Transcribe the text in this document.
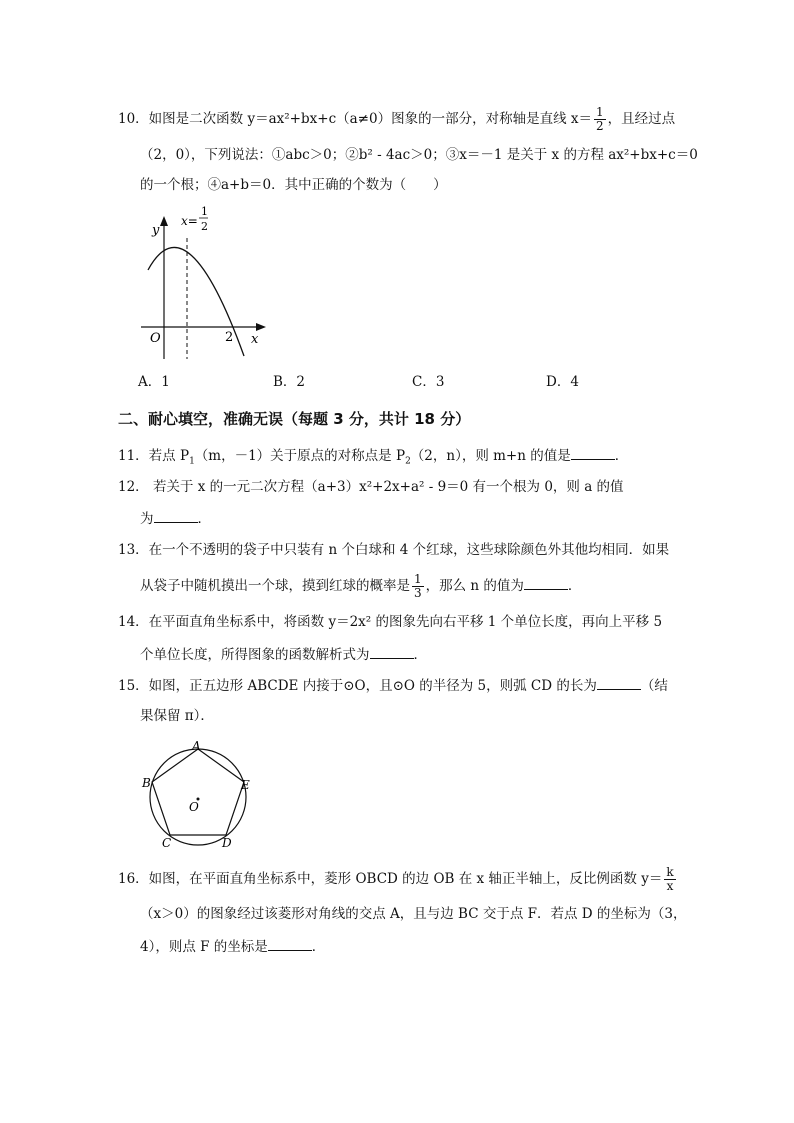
10．如图是二次函数 y＝ax²+bx+c（a≠0）图象的一部分，对称轴是直线 $x= \frac{1}{2}$ ，且经过点
（2，0），下列说法：①abc＞0；②b² - 4ac＞0；③x＝－1 是关于 x 的方程 ax²+bx+c＝0
的一个根；④a+b＝0．其中正确的个数为（　　）
y
x
O	2
x=
1
2
A．1	B．2	C．3	D．4
二、耐心填空，准确无误（每题 3 分，共计 18 分）
11．若点 $P_1(m$，－1）关于原点的对称点是 $P_2(2$，n），则 m+n 的值是	．
12． 若关于 x 的一元二次方程（a+3）x²+2x+a² - 9＝0 有一个根为 0，则 a 的值
为	．
13．在一个不透明的袋子中只装有 n 个白球和 4 个红球，这些球除颜色外其他均相同．如果
从袋子中随机摸出一个球，摸到红球的概率是 $\frac{1}{3}$ ，那么 n 的值为	．
14．在平面直角坐标系中，将函数 y＝2x² 的图象先向右平移 1 个单位长度，再向上平移 5
个单位长度，所得图象的函数解析式为	．
15．如图，正五边形 ABCDE 内接于⊙O，且⊙O 的半径为 5，则弧 CD 的长为	（结
果保留 π）．
A
B
C	D
E
O
16．如图，在平面直角坐标系中，菱形 OBCD 的边 OB 在 x 轴正半轴上，反比例函数 $y= \frac{k}{x}$
（x＞0）的图象经过该菱形对角线的交点 A，且与边 BC 交于点 F．若点 D 的坐标为（3，
4），则点 F 的坐标是	．
